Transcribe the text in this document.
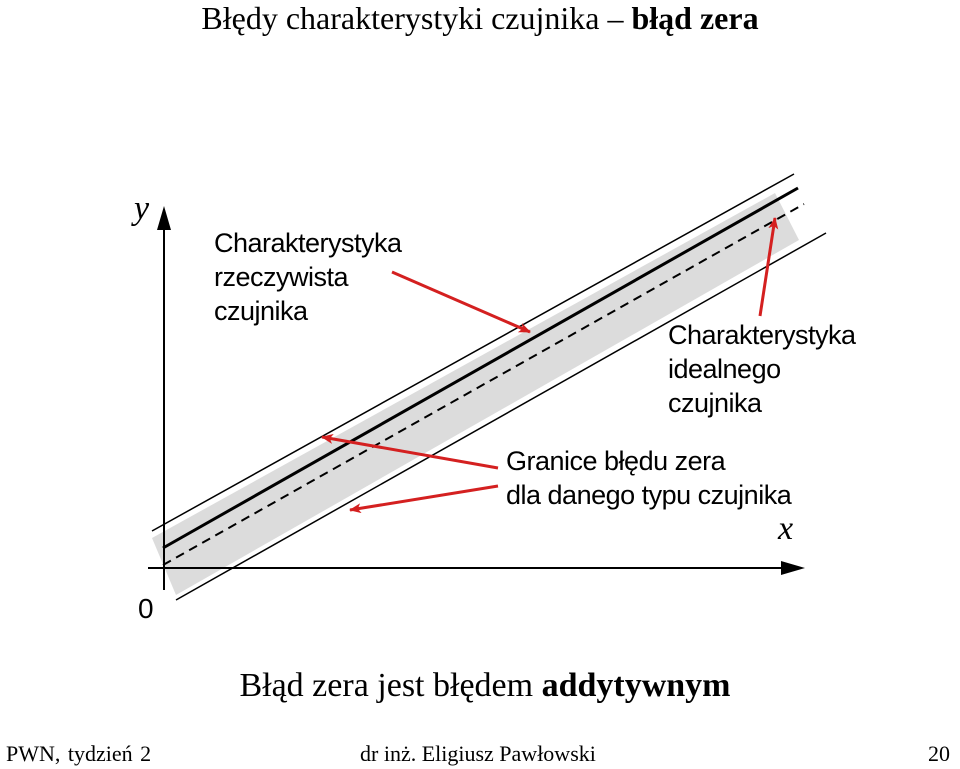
Błędy charakterystyki czujnika – błąd zera
y
x
0
Charakterystyka
rzeczywista
czujnika
Charakterystyka
idealnego
czujnika
Granice błędu zera
dla danego typu czujnika
Błąd zera jest błędem addytywnym
PWN, tydzień 2	dr inż. Eligiusz Pawłowski	20
